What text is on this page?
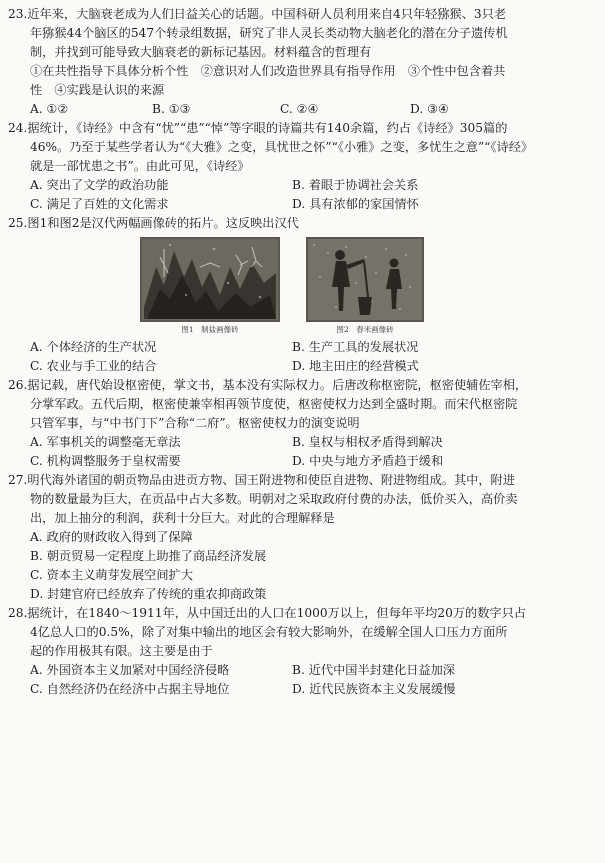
23. 近年来，大脑衰老成为人们日益关心的话题。中国科研人员利用来自4只年轻猕猴、3只老
年猕猴44个脑区的547个转录组数据，研究了非人灵长类动物大脑老化的潜在分子遗传机
制，并找到可能导致大脑衰老的新标记基因。材料蕴含的哲理有
①在共性指导下具体分析个性　②意识对人们改造世界具有指导作用　③个性中包含着共
性　④实践是认识的来源
A. ①②	B. ①③	C. ②④	D. ③④
24. 据统计，《诗经》中含有“忧”“患”“悼”等字眼的诗篇共有140余篇，约占《诗经》305篇的
46%。乃至于某些学者认为“《大雅》之变，具忧世之怀”“《小雅》之变，多忧生之意”“《诗经》
就是一部忧患之书”。由此可见，《诗经》
A. 突出了文学的政治功能	B. 着眼于协调社会关系
C. 满足了百姓的文化需求	D. 具有浓郁的家国情怀
25. 图1和图2是汉代两幅画像砖的拓片。这反映出汉代
图1　制盐画像砖	图2　舂米画像砖
A. 个体经济的生产状况	B. 生产工具的发展状况
C. 农业与手工业的结合	D. 地主田庄的经营模式
26. 据记载，唐代始设枢密使，掌文书，基本没有实际权力。后唐改称枢密院，枢密使辅佐宰相，
分掌军政。五代后期，枢密使兼宰相再领节度使，枢密使权力达到全盛时期。而宋代枢密院
只管军事，与“中书门下”合称“二府”。枢密使权力的演变说明
A. 军事机关的调整毫无章法	B. 皇权与相权矛盾得到解决
C. 机构调整服务于皇权需要	D. 中央与地方矛盾趋于缓和
27. 明代海外诸国的朝贡物品由进贡方物、国王附进物和使臣自进物、附进物组成。其中，附进
物的数量最为巨大，在贡品中占大多数。明朝对之采取政府付费的办法，低价买入，高价卖
出，加上抽分的利润，获利十分巨大。对此的合理解释是
A. 政府的财政收入得到了保障
B. 朝贡贸易一定程度上助推了商品经济发展
C. 资本主义萌芽发展空间扩大
D. 封建官府已经放弃了传统的重农抑商政策
28. 据统计，在1840～1911年，从中国迁出的人口在1000万以上，但每年平均20万的数字只占
4亿总人口的0.5%，除了对集中输出的地区会有较大影响外，在缓解全国人口压力方面所
起的作用极其有限。这主要是由于
A. 外国资本主义加紧对中国经济侵略	B. 近代中国半封建化日益加深
C. 自然经济仍在经济中占据主导地位	D. 近代民族资本主义发展缓慢
